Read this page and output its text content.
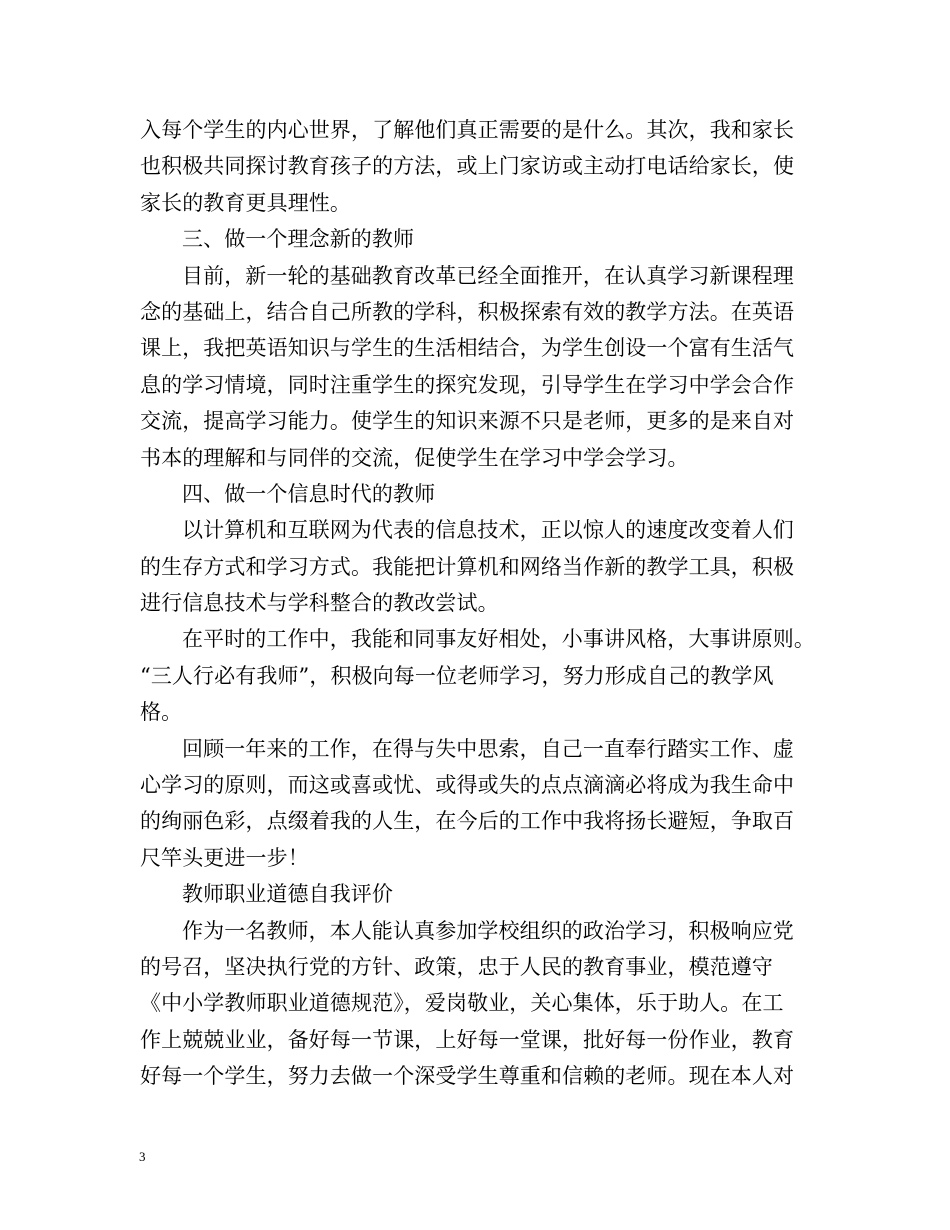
入每个学生的内心世界，了解他们真正需要的是什么。其次，我和家长
也积极共同探讨教育孩子的方法，或上门家访或主动打电话给家长，使
家长的教育更具理性。
三、做一个理念新的教师
目前，新一轮的基础教育改革已经全面推开，在认真学习新课程理
念的基础上，结合自己所教的学科，积极探索有效的教学方法。在英语
课上，我把英语知识与学生的生活相结合，为学生创设一个富有生活气
息的学习情境，同时注重学生的探究发现，引导学生在学习中学会合作
交流，提高学习能力。使学生的知识来源不只是老师，更多的是来自对
书本的理解和与同伴的交流，促使学生在学习中学会学习。
四、做一个信息时代的教师
以计算机和互联网为代表的信息技术，正以惊人的速度改变着人们
的生存方式和学习方式。我能把计算机和网络当作新的教学工具，积极
进行信息技术与学科整合的教改尝试。
在平时的工作中，我能和同事友好相处，小事讲风格，大事讲原则。
“三人行必有我师”，积极向每一位老师学习，努力形成自己的教学风
格。
回顾一年来的工作，在得与失中思索，自己一直奉行踏实工作、虚
心学习的原则，而这或喜或忧、或得或失的点点滴滴必将成为我生命中
的绚丽色彩，点缀着我的人生，在今后的工作中我将扬长避短，争取百
尺竿头更进一步！
教师职业道德自我评价
作为一名教师，本人能认真参加学校组织的政治学习，积极响应党
的号召，坚决执行党的方针、政策，忠于人民的教育事业，模范遵守
《中小学教师职业道德规范》，爱岗敬业，关心集体，乐于助人。在工
作上兢兢业业，备好每一节课，上好每一堂课，批好每一份作业，教育
好每一个学生，努力去做一个深受学生尊重和信赖的老师。现在本人对
3
